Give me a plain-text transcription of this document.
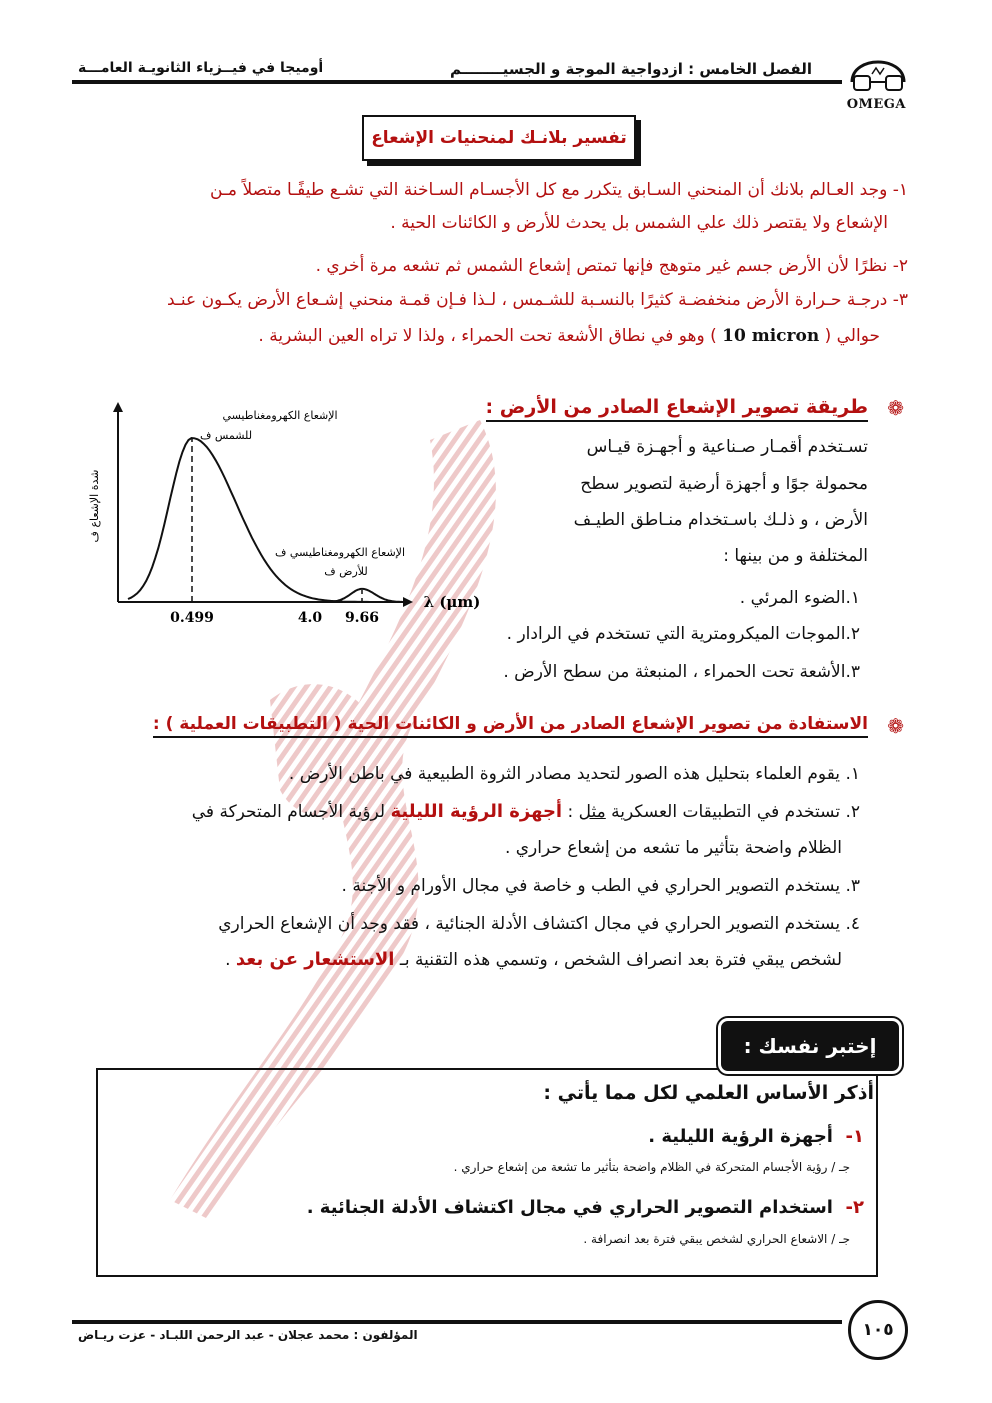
الفصل الخامس : ازدواجية الموجة و الجسيــــــــم
أوميجا في فيــزياء الثانويـة العامـــة
OMEGA
تفسير بلانـك لمنحنيات الإشعاع
١- وجد العـالم بلانك أن المنحني السـابق يتكرر مع كل الأجسـام السـاخنة التي تشـع طيفًـا متصلاً مـن
الإشعاع ولا يقتصر ذلك علي الشمس بل يحدث للأرض و الكائنات الحية .
٢- نظرًا لأن الأرض جسم غير متوهج فإنها تمتص إشعاع الشمس ثم تشعه مرة أخري .
٣- درجـة حـرارة الأرض منخفضـة كثيرًا بالنسـبة للشـمس ، لـذا فـإن قمـة منحني إشـعاع الأرض يكـون عنـد
حوالي ( 10 micron ) وهو في نطاق الأشعة تحت الحمراء ، ولذا لا تراه العين البشرية .
❁
طريقة تصوير الإشعاع الصادر من الأرض :
تسـتخدم أقمـار صـناعية و أجهـزة قيـاس
محمولة جوًا و أجهزة أرضية لتصوير سطح
الأرض ، و ذلـك باسـتخدام منـاطق الطيـف
المختلفة و من بينها :
١.الضوء المرئي .
٢.الموجات الميكرومترية التي تستخدم في الرادار .
٣.الأشعة تحت الحمراء ، المنبعثة من سطح الأرض .
0.499	4.0 9.66
λ (μm)
شدة الإشعاع ف
الإشعاع الكهرومغناطيسي
للشمس ف
الإشعاع الكهرومغناطيسي ف
للأرض ف
❁
الاستفادة من تصوير الإشعاع الصادر من الأرض و الكائنات الحية ( التطبيقات العملية ) :
١. يقوم العلماء بتحليل هذه الصور لتحديد مصادر الثروة الطبيعية في باطن الأرض .
٢. تستخدم في التطبيقات العسكرية مثل : أجهزة الرؤية الليلية لرؤية الأجسام المتحركة في
الظلام واضحة بتأثير ما تشعه من إشعاع حراري .
٣. يستخدم التصوير الحراري في الطب و خاصة في مجال الأورام و الأجنة .
٤. يستخدم التصوير الحراري في مجال اكتشاف الأدلة الجنائية ، فقد وجد أن الإشعاع الحراري
لشخص يبقي فترة بعد انصراف الشخص ، وتسمي هذه التقنية بـ الاستشعار عن بعد .
إختبر نفسك :
أذكر الأساس العلمي لكل مما يأتي :
١-  أجهزة الرؤية الليلية .
جـ / رؤية الأجسام المتحركة في الظلام واضحة بتأثير ما تشعة من إشعاع حراري .
٢-  استخدام التصوير الحراري في مجال اكتشاف الأدلة الجنائية .
جـ / الاشعاع الحراري لشخص يبقي فترة بعد انصرافة .
المؤلفون : محمد عجلان - عبد الرحمن اللبـاد - عزت ريـاض	١٠٥
